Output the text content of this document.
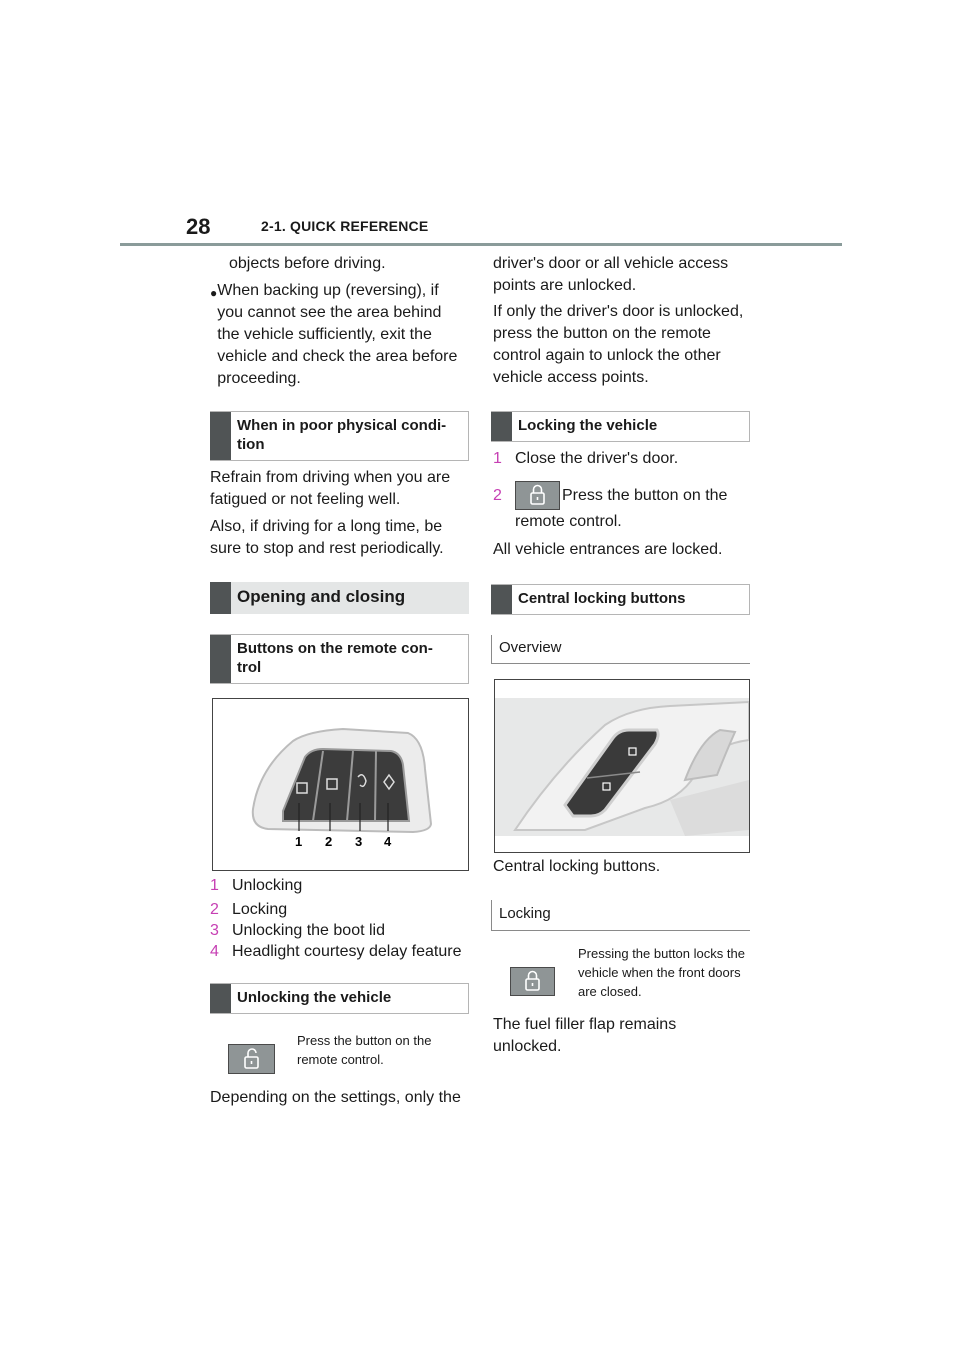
28	2-1. QUICK REFERENCE
objects before driving.
● When backing up (reversing), if you cannot see the area behind the vehicle sufficiently, exit the vehicle and check the area before proceeding.
When in poor physical condi-
tion
Refrain from driving when you are fatigued or not feeling well.
Also, if driving for a long time, be sure to stop and rest periodically.
Opening and closing
Buttons on the remote con-
trol
1 2 3 4
1 Unlocking
2 Locking
3 Unlocking the boot lid
4 Headlight courtesy delay feature
Unlocking the vehicle
Press the button on the remote control.
Depending on the settings, only the
driver's door or all vehicle access points are unlocked.
If only the driver's door is unlocked, press the button on the remote control again to unlock the other vehicle access points.
Locking the vehicle
1 Close the driver's door.
2	Press the button on the
remote control.
All vehicle entrances are locked.
Central locking buttons
Overview
Central locking buttons.
Locking
Pressing the button locks the vehicle when the front doors are closed.
The fuel filler flap remains unlocked.
